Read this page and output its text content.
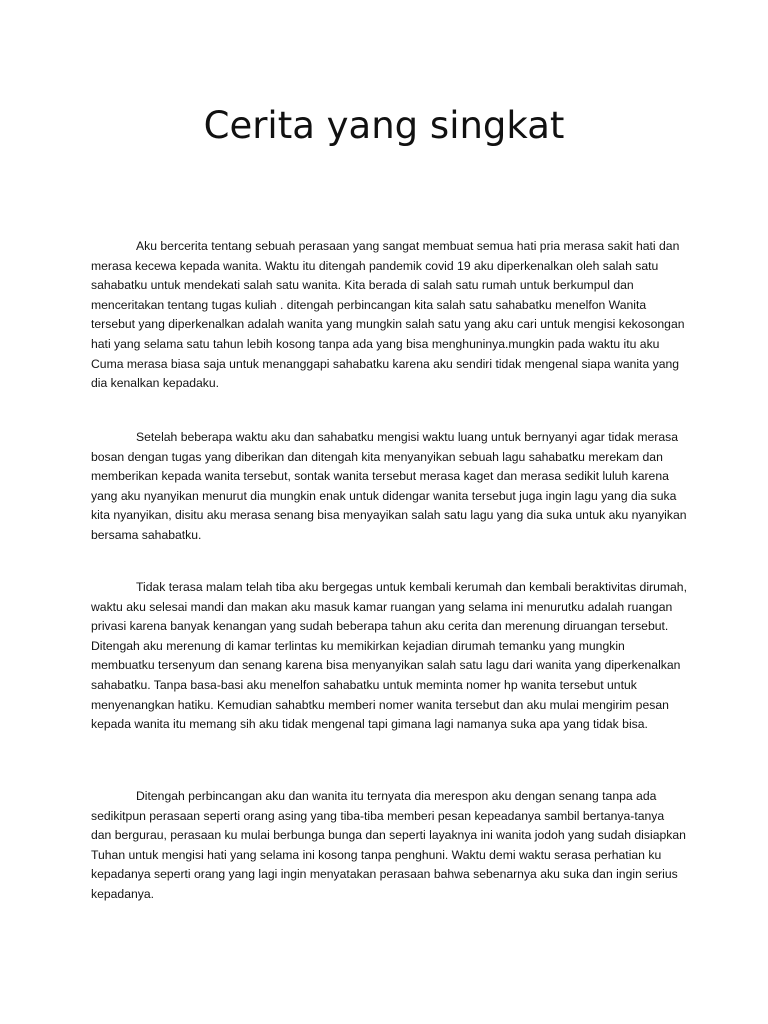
Cerita yang singkat

Aku bercerita tentang sebuah perasaan yang sangat membuat semua hati pria merasa sakit hati dan merasa kecewa kepada wanita. Waktu itu ditengah pandemik covid 19 aku diperkenalkan oleh salah satu sahabatku untuk mendekati salah satu wanita. Kita berada di salah satu rumah untuk berkumpul dan menceritakan tentang tugas kuliah . ditengah perbincangan kita salah satu sahabatku menelfon Wanita tersebut yang diperkenalkan adalah wanita yang mungkin salah satu yang aku cari untuk mengisi kekosongan hati yang selama satu tahun lebih kosong tanpa ada yang bisa menghuninya.mungkin pada waktu itu aku Cuma merasa biasa saja untuk menanggapi sahabatku karena aku sendiri tidak mengenal siapa wanita yang dia kenalkan kepadaku.

Setelah beberapa waktu aku dan sahabatku mengisi waktu luang untuk bernyanyi agar tidak merasa bosan dengan tugas yang diberikan dan ditengah kita menyanyikan sebuah lagu sahabatku merekam dan memberikan kepada wanita tersebut, sontak wanita tersebut merasa kaget dan merasa sedikit luluh karena yang aku nyanyikan menurut dia mungkin enak untuk didengar wanita tersebut juga ingin lagu yang dia suka kita nyanyikan, disitu aku merasa senang bisa menyayikan salah satu lagu yang dia suka untuk aku nyanyikan bersama sahabatku.

Tidak terasa malam telah tiba aku bergegas untuk kembali kerumah dan kembali beraktivitas dirumah, waktu aku selesai mandi dan makan aku masuk kamar ruangan yang selama ini menurutku adalah ruangan privasi karena banyak kenangan yang sudah beberapa tahun aku cerita dan merenung diruangan tersebut. Ditengah aku merenung di kamar terlintas ku memikirkan kejadian dirumah temanku yang mungkin membuatku tersenyum dan senang karena bisa menyanyikan salah satu lagu dari wanita yang diperkenalkan sahabatku. Tanpa basa-basi aku menelfon sahabatku untuk meminta nomer hp wanita tersebut untuk menyenangkan hatiku. Kemudian sahabtku memberi nomer wanita tersebut dan aku mulai mengirim pesan kepada wanita itu memang sih aku tidak mengenal tapi gimana lagi namanya suka apa yang tidak bisa.

Ditengah perbincangan aku dan wanita itu ternyata dia merespon aku dengan senang tanpa ada sedikitpun perasaan seperti orang asing yang tiba-tiba memberi pesan kepeadanya sambil bertanya-tanya dan bergurau, perasaan ku mulai berbunga bunga dan seperti layaknya ini wanita jodoh yang sudah disiapkan Tuhan untuk mengisi hati yang selama ini kosong tanpa penghuni. Waktu demi waktu serasa perhatian ku kepadanya seperti orang yang lagi ingin menyatakan perasaan bahwa sebenarnya aku suka dan ingin serius kepadanya.
